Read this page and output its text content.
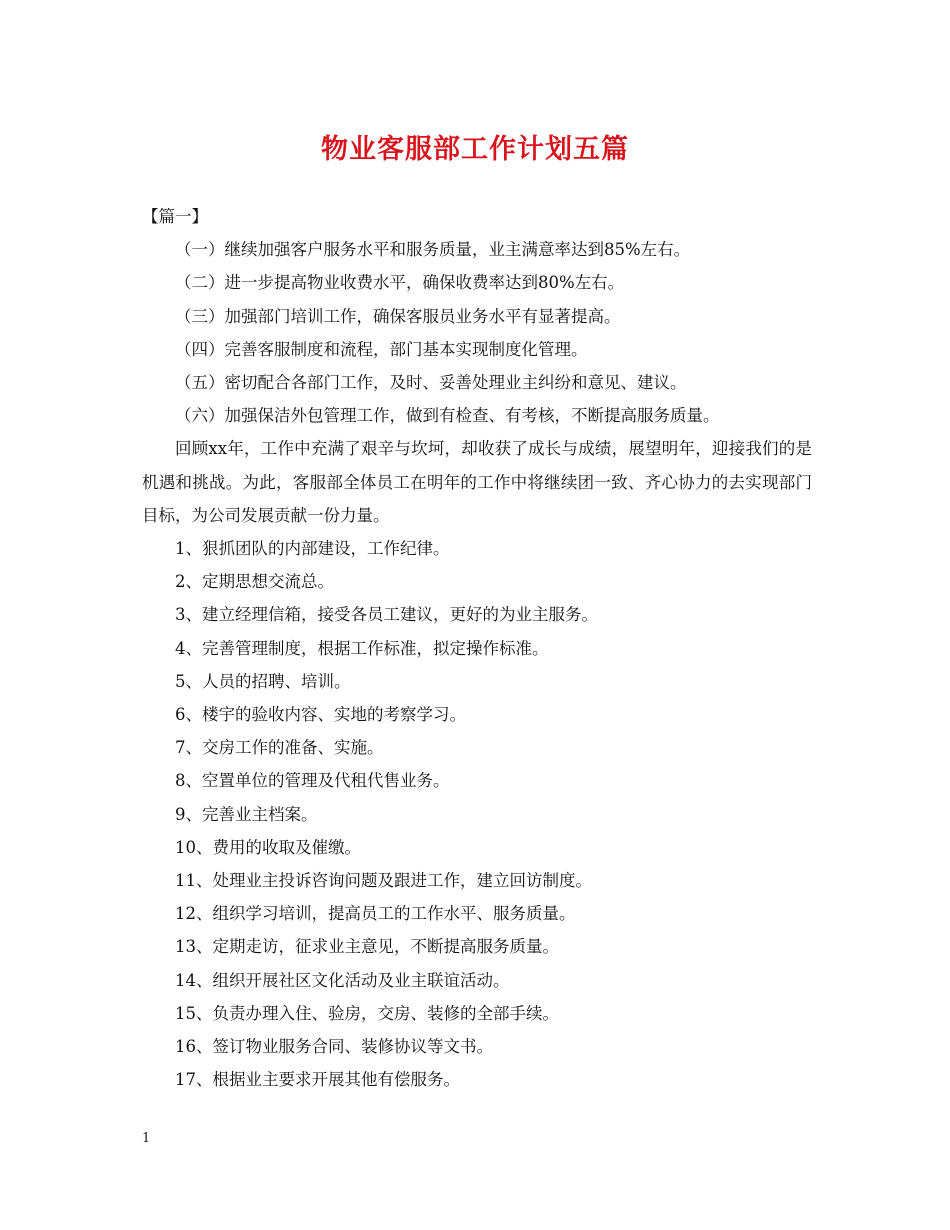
物业客服部工作计划五篇
【篇一】
（一）继续加强客户服务水平和服务质量，业主满意率达到85%左右。
（二）进一步提高物业收费水平，确保收费率达到80%左右。
（三）加强部门培训工作，确保客服员业务水平有显著提高。
（四）完善客服制度和流程，部门基本实现制度化管理。
（五）密切配合各部门工作，及时、妥善处理业主纠纷和意见、建议。
（六）加强保洁外包管理工作，做到有检查、有考核，不断提高服务质量。
回顾xx年，工作中充满了艰辛与坎坷，却收获了成长与成绩，展望明年，迎接我们的是机遇和挑战。为此，客服部全体员工在明年的工作中将继续团一致、齐心协力的去实现部门目标，为公司发展贡献一份力量。
1、狠抓团队的内部建设，工作纪律。
2、定期思想交流总。
3、建立经理信箱，接受各员工建议，更好的为业主服务。
4、完善管理制度，根据工作标准，拟定操作标准。
5、人员的招聘、培训。
6、楼宇的验收内容、实地的考察学习。
7、交房工作的准备、实施。
8、空置单位的管理及代租代售业务。
9、完善业主档案。
10、费用的收取及催缴。
11、处理业主投诉咨询问题及跟进工作，建立回访制度。
12、组织学习培训，提高员工的工作水平、服务质量。
13、定期走访，征求业主意见，不断提高服务质量。
14、组织开展社区文化活动及业主联谊活动。
15、负责办理入住、验房，交房、装修的全部手续。
16、签订物业服务合同、装修协议等文书。
17、根据业主要求开展其他有偿服务。
1
